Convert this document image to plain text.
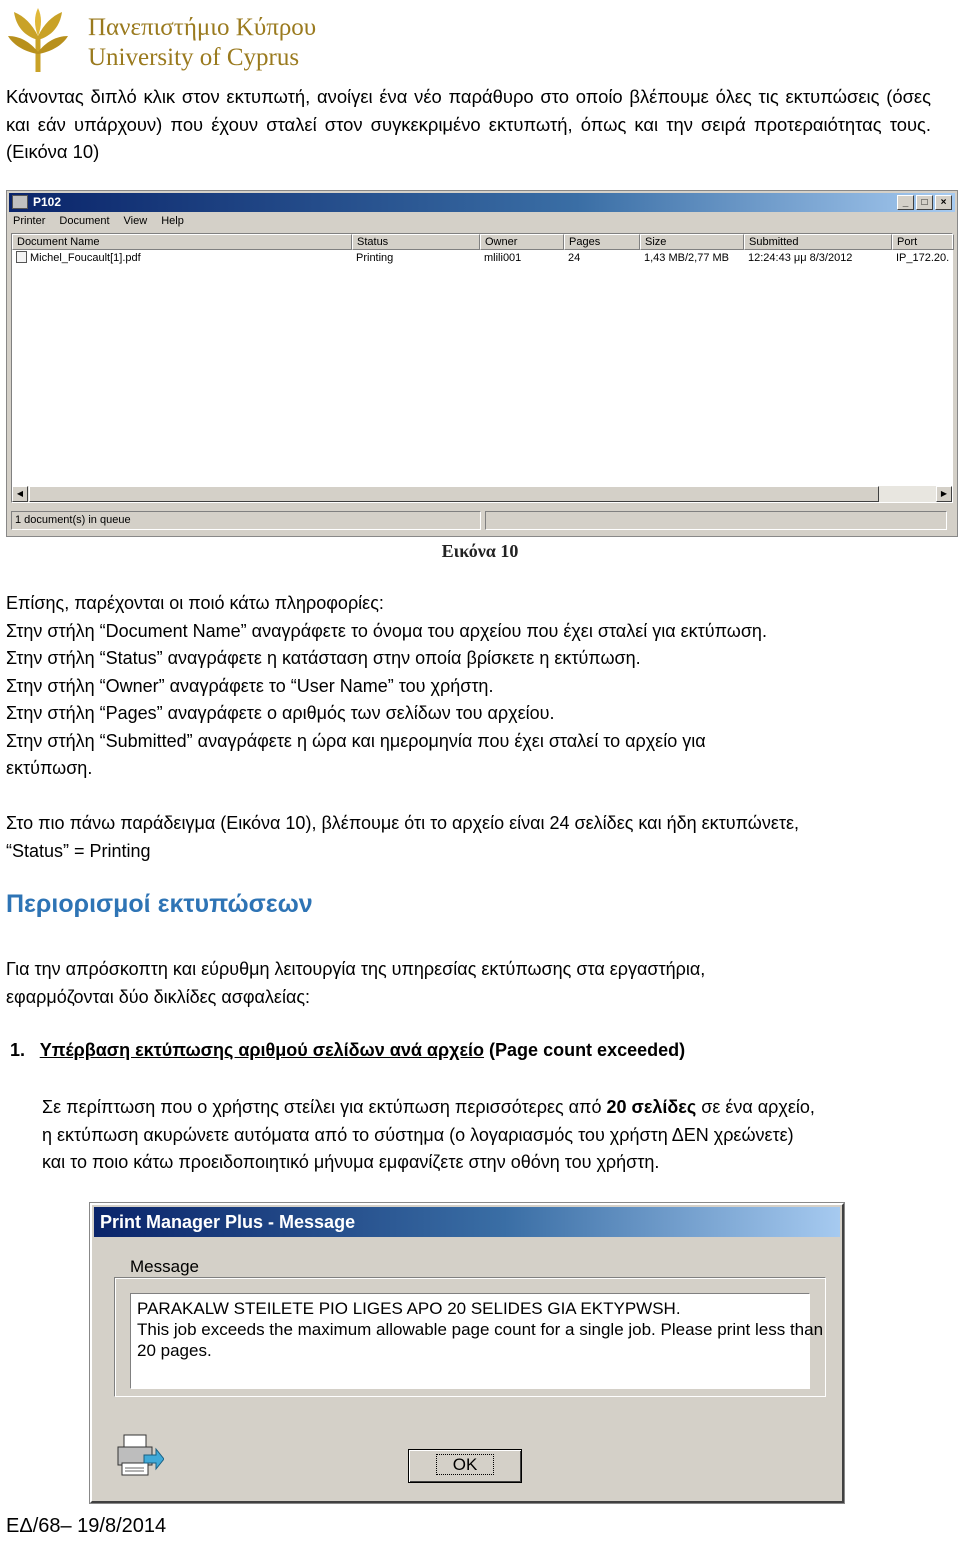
Πανεπιστήμιο Κύπρου
University of Cyprus
Κάνοντας διπλό κλικ στον εκτυπωτή, ανοίγει ένα νέο παράθυρο στο οποίο βλέπουμε όλες τις εκτυπώσεις (όσες και εάν υπάρχουν) που έχουν σταλεί στον συγκεκριμένο εκτυπωτή, όπως και την σειρά προτεραιότητας τους. (Εικόνα 10)
P102	_	□	×
Printer Document View Help
Document Name	Status	Owner	Pages	Size	Submitted	Port
Michel_Foucault[1].pdf	Printing	mlili001	24	1,43 MB/2,77 MB	12:24:43 μμ 8/3/2012	IP_172.20.
◀	▶
1 document(s) in queue
Εικόνα 10
Επίσης, παρέχονται οι ποιό κάτω πληροφορίες:
Στην στήλη “Document Name” αναγράφετε το όνομα του αρχείου που έχει σταλεί για εκτύπωση.
Στην στήλη “Status” αναγράφετε η κατάσταση στην οποία βρίσκετε η εκτύπωση.
Στην στήλη “Owner” αναγράφετε το “User Name” του χρήστη.
Στην στήλη “Pages” αναγράφετε ο αριθμός των σελίδων του αρχείου.
Στην στήλη “Submitted” αναγράφετε η ώρα και ημερομηνία που έχει σταλεί το αρχείο για
εκτύπωση.
Στο πιο πάνω παράδειγμα (Εικόνα 10), βλέπουμε ότι το αρχείο είναι 24 σελίδες και ήδη εκτυπώνετε,
“Status” = Printing
Περιορισμοί εκτυπώσεων
Για την απρόσκοπτη και εύρυθμη λειτουργία της υπηρεσίας εκτύπωσης στα εργαστήρια,
εφαρμόζονται δύο δικλίδες ασφαλείας:
1. Υπέρβαση εκτύπωσης αριθμού σελίδων ανά αρχείο (Page count exceeded)
Σε περίπτωση που ο χρήστης στείλει για εκτύπωση περισσότερες από 20 σελίδες σε ένα αρχείο,
η εκτύπωση ακυρώνετε αυτόματα από το σύστημα (ο λογαριασμός του χρήστη ΔΕΝ χρεώνετε)
και το ποιο κάτω προειδοποιητικό μήνυμα εμφανίζετε στην οθόνη του χρήστη.
Print Manager Plus - Message
Message
PARAKALW STEILETE PIO LIGES APO 20 SELIDES GIA EKTYPWSH.
This job exceeds the maximum allowable page count for a single job. Please print less than
20 pages.
OK
ΕΔ/68– 19/8/2014
